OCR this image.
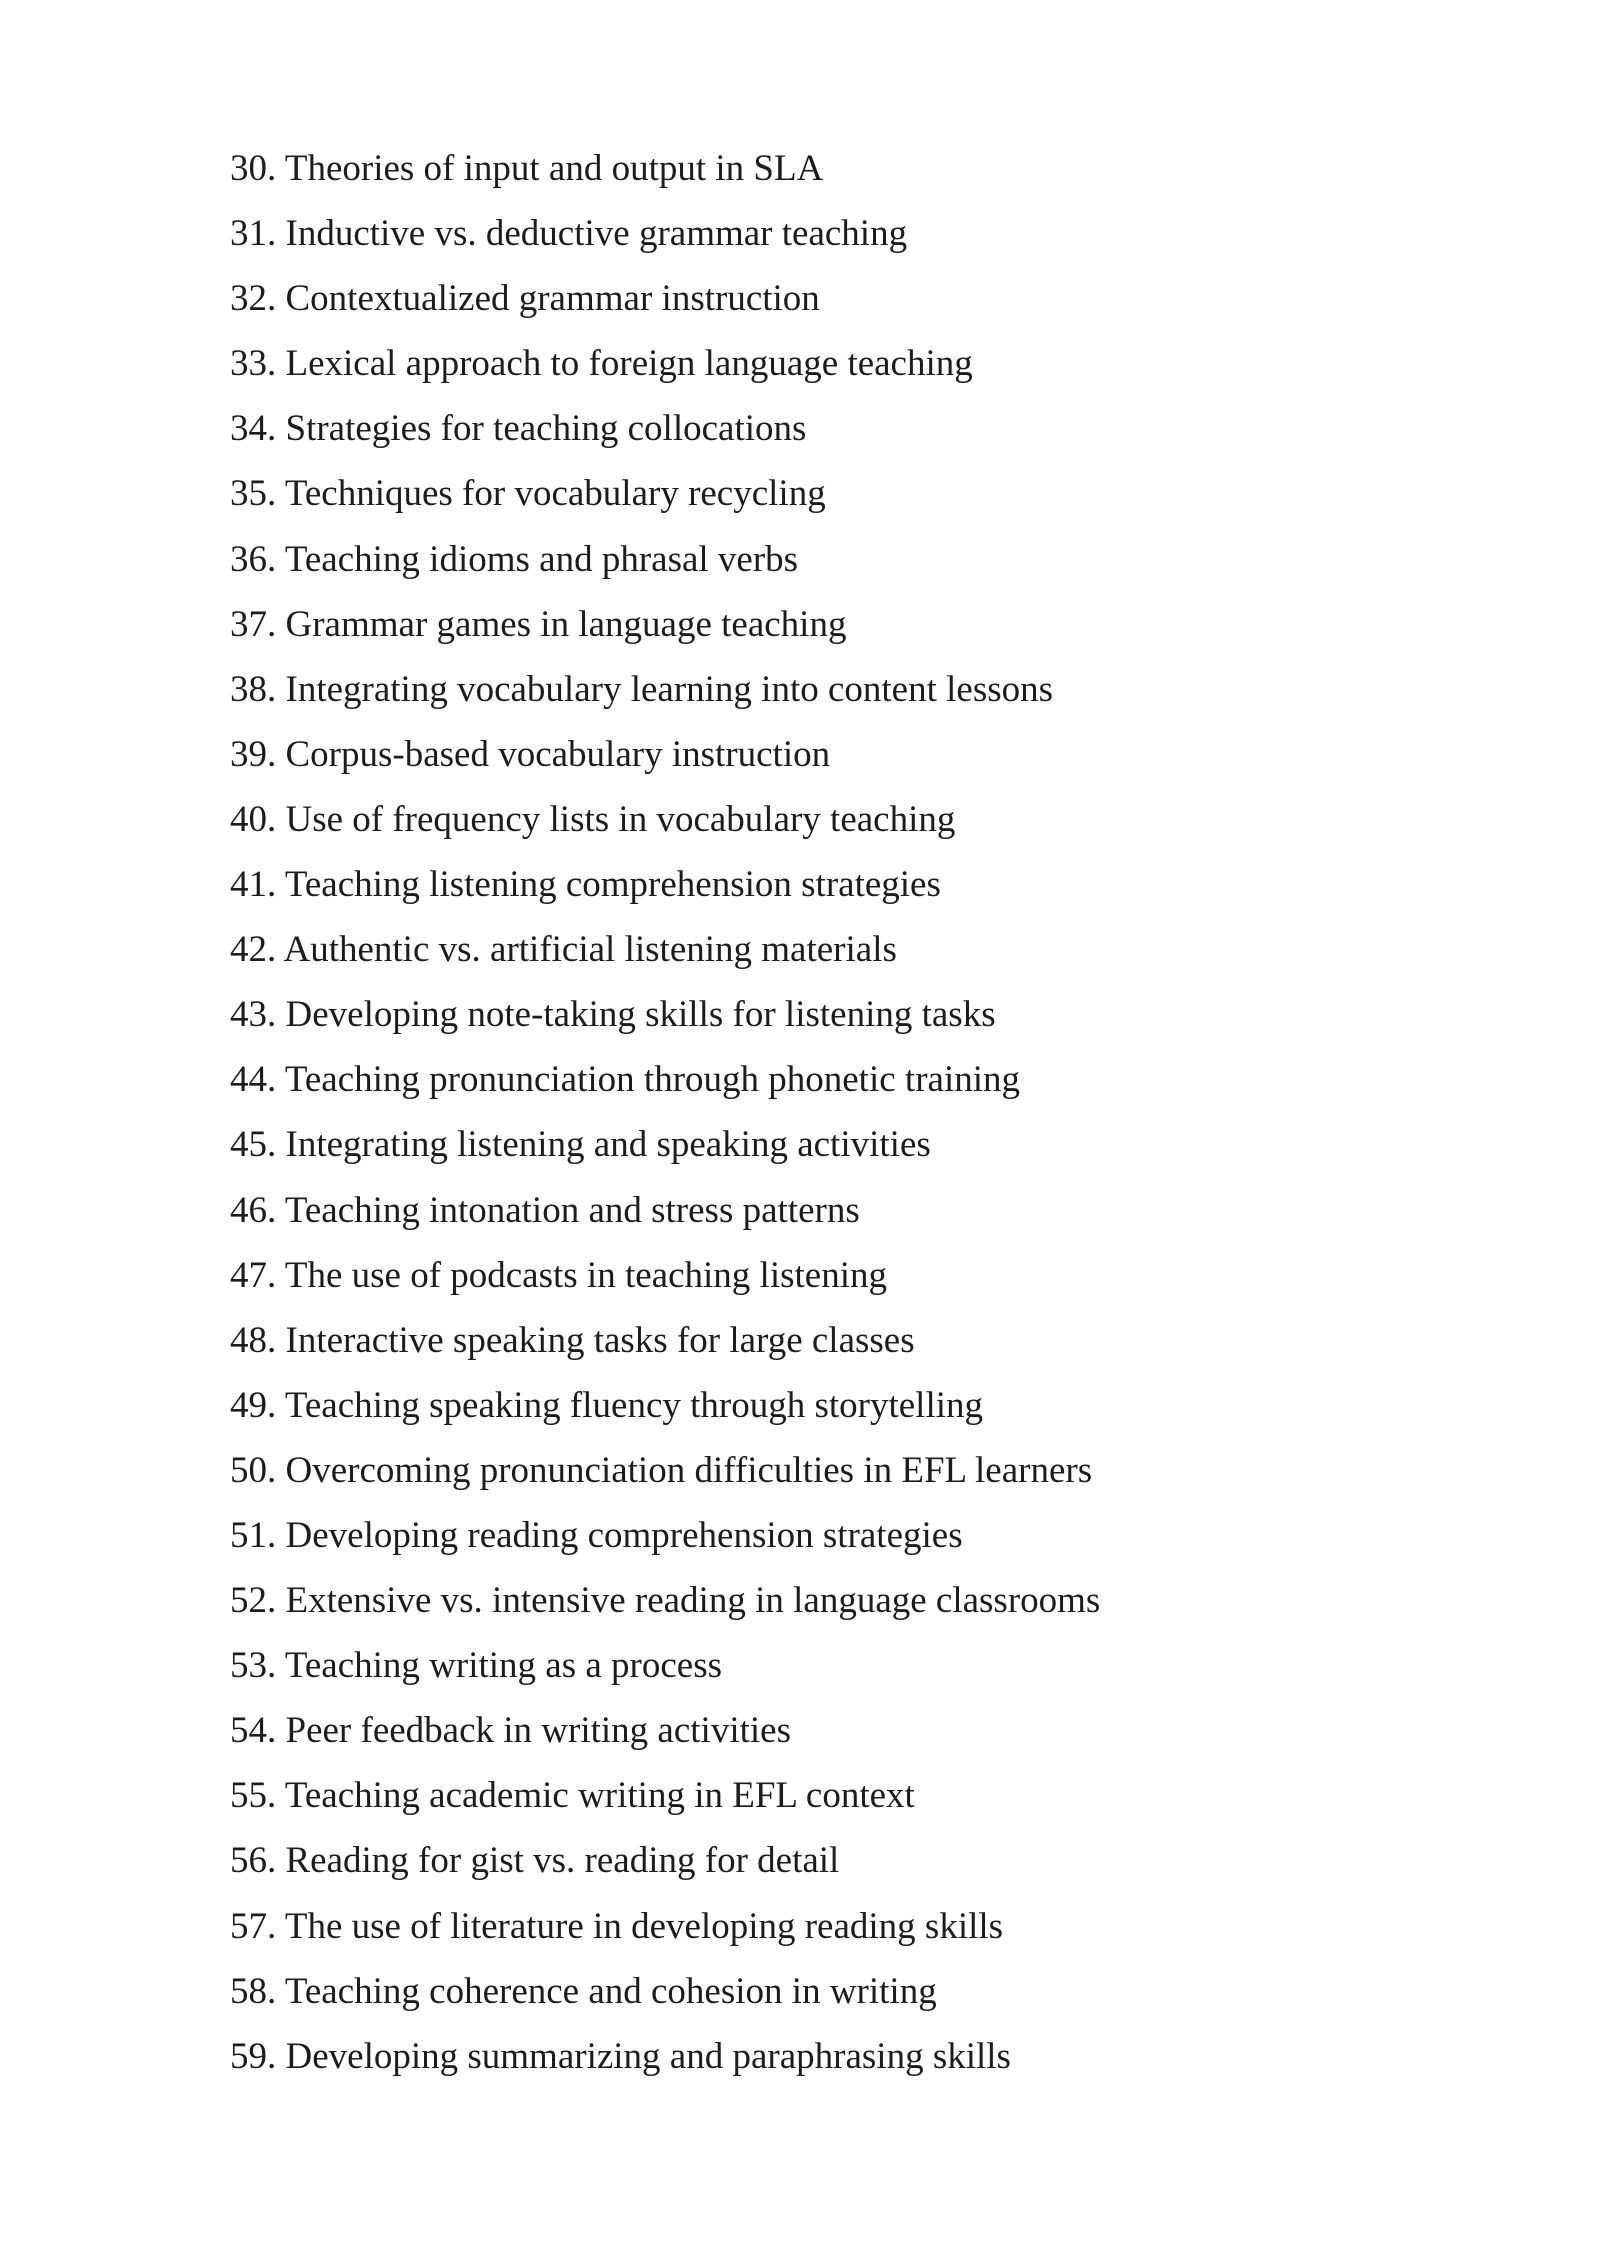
30. Theories of input and output in SLA
31. Inductive vs. deductive grammar teaching
32. Contextualized grammar instruction
33. Lexical approach to foreign language teaching
34. Strategies for teaching collocations
35. Techniques for vocabulary recycling
36. Teaching idioms and phrasal verbs
37. Grammar games in language teaching
38. Integrating vocabulary learning into content lessons
39. Corpus-based vocabulary instruction
40. Use of frequency lists in vocabulary teaching
41. Teaching listening comprehension strategies
42. Authentic vs. artificial listening materials
43. Developing note-taking skills for listening tasks
44. Teaching pronunciation through phonetic training
45. Integrating listening and speaking activities
46. Teaching intonation and stress patterns
47. The use of podcasts in teaching listening
48. Interactive speaking tasks for large classes
49. Teaching speaking fluency through storytelling
50. Overcoming pronunciation difficulties in EFL learners
51. Developing reading comprehension strategies
52. Extensive vs. intensive reading in language classrooms
53. Teaching writing as a process
54. Peer feedback in writing activities
55. Teaching academic writing in EFL context
56. Reading for gist vs. reading for detail
57. The use of literature in developing reading skills
58. Teaching coherence and cohesion in writing
59. Developing summarizing and paraphrasing skills
